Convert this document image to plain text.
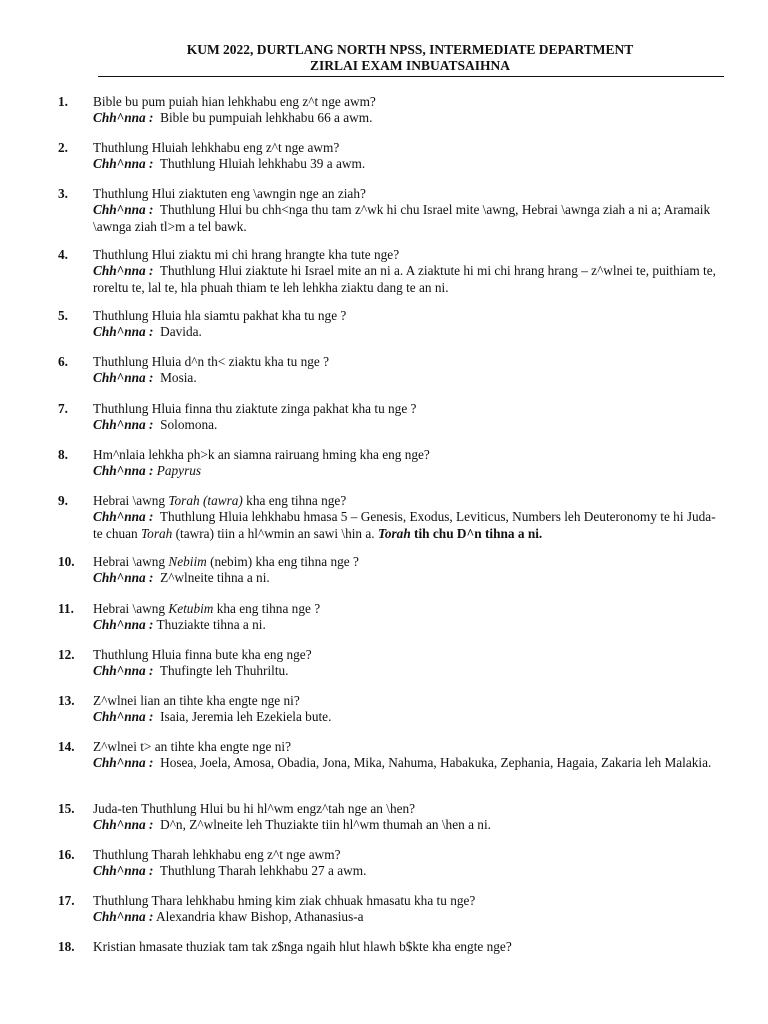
KUM 2022, DURTLANG NORTH NPSS, INTERMEDIATE DEPARTMENT
ZIRLAI EXAM INBUATSAIHNA
1.	Bible bu pum puiah hian lehkhabu eng z^t nge awm?
Chh^nna : Bible bu pumpuiah lehkhabu 66 a awm.
2.	Thuthlung Hluiah lehkhabu eng z^t nge awm?
Chh^nna : Thuthlung Hluiah lehkhabu 39 a awm.
3.	Thuthlung Hlui ziaktuten eng \awngin nge an ziah?
Chh^nna : Thuthlung Hlui bu chh<nga thu tam z^wk hi chu Israel mite \awng, Hebrai \awnga ziah a ni a; Aramaik \awnga ziah tl>m a tel bawk.
4.	Thuthlung Hlui ziaktu mi chi hrang hrangte kha tute nge?
Chh^nna : Thuthlung Hlui ziaktute hi Israel mite an ni a. A ziaktute hi mi chi hrang hrang – z^wlnei te, puithiam te, roreltu te, lal te, hla phuah thiam te leh lehkha ziaktu dang te an ni.
5.	Thuthlung Hluia hla siamtu pakhat kha tu nge ?
Chh^nna : Davida.
6.	Thuthlung Hluia d^n th< ziaktu kha tu nge ?
Chh^nna : Mosia.
7.	Thuthlung Hluia finna thu ziaktute zinga pakhat kha tu nge ?
Chh^nna : Solomona.
8.	Hm^nlaia lehkha ph>k an siamna rairuang hming kha eng nge?
Chh^nna : Papyrus
9.	Hebrai \awng Torah (tawra) kha eng tihna nge?
Chh^nna : Thuthlung Hluia lehkhabu hmasa 5 – Genesis, Exodus, Leviticus, Numbers leh Deuteronomy te hi Juda-te chuan Torah (tawra) tiin a hl^wmin an sawi \hin a. Torah tih chu D^n tihna a ni.
10.	Hebrai \awng Nebiim (nebim) kha eng tihna nge ?
Chh^nna : Z^wlneite tihna a ni.
11.	Hebrai \awng Ketubim kha eng tihna nge ?
Chh^nna : Thuziakte tihna a ni.
12.	Thuthlung Hluia finna bute kha eng nge?
Chh^nna : Thufingte leh Thuhriltu.
13.	Z^wlnei lian an tihte kha engte nge ni?
Chh^nna : Isaia, Jeremia leh Ezekiela bute.
14.	Z^wlnei t> an tihte kha engte nge ni?
Chh^nna : Hosea, Joela, Amosa, Obadia, Jona, Mika, Nahuma, Habakuka, Zephania, Hagaia, Zakaria leh Malakia.
15.	Juda-ten Thuthlung Hlui bu hi hl^wm engz^tah nge an \hen?
Chh^nna : D^n, Z^wlneite leh Thuziakte tiin hl^wm thumah an \hen a ni.
16.	Thuthlung Tharah lehkhabu eng z^t nge awm?
Chh^nna : Thuthlung Tharah lehkhabu 27 a awm.
17.	Thuthlung Thara lehkhabu hming kim ziak chhuak hmasatu kha tu nge?
Chh^nna : Alexandria khaw Bishop, Athanasius-a
18.	Kristian hmasate thuziak tam tak z$nga ngaih hlut hlawh b$kte kha engte nge?
